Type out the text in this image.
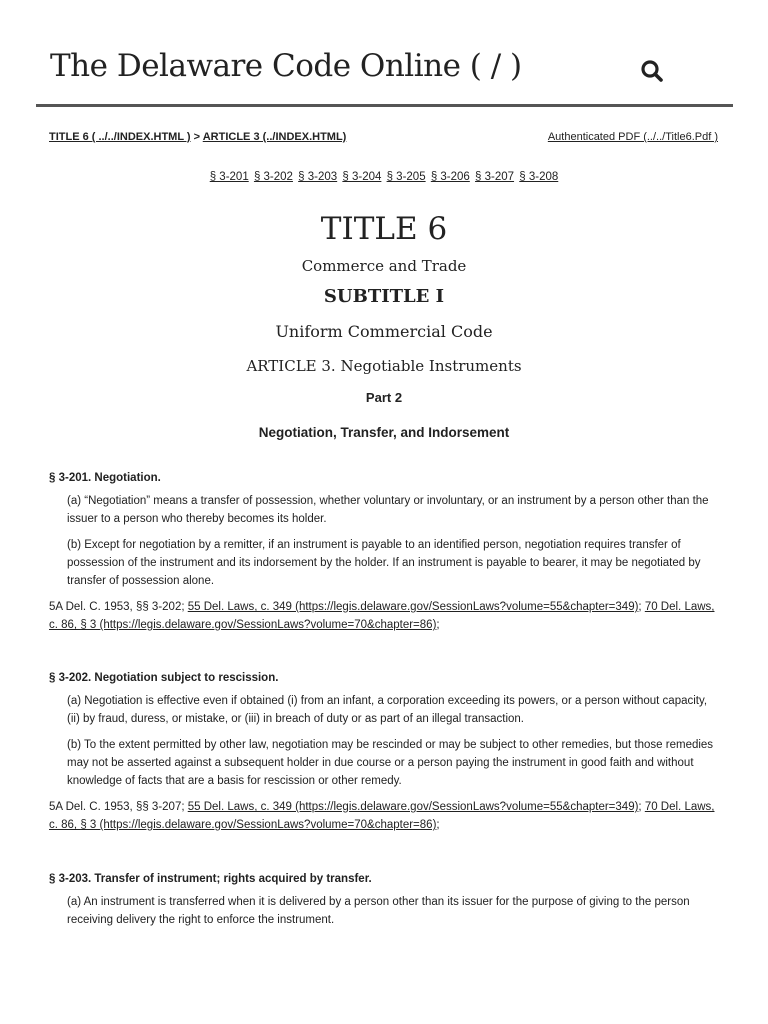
The Delaware Code Online ( / )
TITLE 6 ( ../../INDEX.HTML ) > ARTICLE 3 (../INDEX.HTML)	Authenticated PDF (../../Title6.Pdf )
§ 3-201 § 3-202 § 3-203 § 3-204 § 3-205 § 3-206 § 3-207 § 3-208
TITLE 6
Commerce and Trade
SUBTITLE I
Uniform Commercial Code
ARTICLE 3. Negotiable Instruments
Part 2
Negotiation, Transfer, and Indorsement

§ 3-201. Negotiation.

(a) “Negotiation” means a transfer of possession, whether voluntary or involuntary, or an instrument by a person other than the issuer to a person who thereby becomes its holder.

(b) Except for negotiation by a remitter, if an instrument is payable to an identified person, negotiation requires transfer of possession of the instrument and its indorsement by the holder. If an instrument is payable to bearer, it may be negotiated by transfer of possession alone.

5A Del. C. 1953, §§ 3-202; 55 Del. Laws, c. 349 (https://legis.delaware.gov/SessionLaws?volume=55&chapter=349); 70 Del. Laws, c. 86, § 3 (https://legis.delaware.gov/SessionLaws?volume=70&chapter=86);

§ 3-202. Negotiation subject to rescission.

(a) Negotiation is effective even if obtained (i) from an infant, a corporation exceeding its powers, or a person without capacity, (ii) by fraud, duress, or mistake, or (iii) in breach of duty or as part of an illegal transaction.

(b) To the extent permitted by other law, negotiation may be rescinded or may be subject to other remedies, but those remedies may not be asserted against a subsequent holder in due course or a person paying the instrument in good faith and without knowledge of facts that are a basis for rescission or other remedy.

5A Del. C. 1953, §§ 3-207; 55 Del. Laws, c. 349 (https://legis.delaware.gov/SessionLaws?volume=55&chapter=349); 70 Del. Laws, c. 86, § 3 (https://legis.delaware.gov/SessionLaws?volume=70&chapter=86);

§ 3-203. Transfer of instrument; rights acquired by transfer.

(a) An instrument is transferred when it is delivered by a person other than its issuer for the purpose of giving to the person receiving delivery the right to enforce the instrument.
